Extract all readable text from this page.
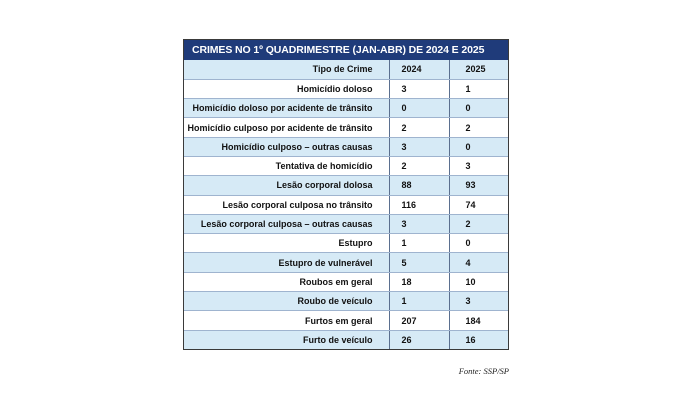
CRIMES NO 1º QUADRIMESTRE (JAN-ABR) DE 2024 E 2025
Tipo de Crime	2024	2025
Homicídio doloso	3	1
Homicídio doloso por acidente de trânsito	0	0
Homicídio culposo por acidente de trânsito	2	2
Homicídio culposo – outras causas	3	0
Tentativa de homicídio	2	3
Lesão corporal dolosa	88	93
Lesão corporal culposa no trânsito	116	74
Lesão corporal culposa – outras causas	3	2
Estupro	1	0
Estupro de vulnerável	5	4
Roubos em geral	18	10
Roubo de veículo	1	3
Furtos em geral	207	184
Furto de veículo	26	16
Fonte: SSP/SP
